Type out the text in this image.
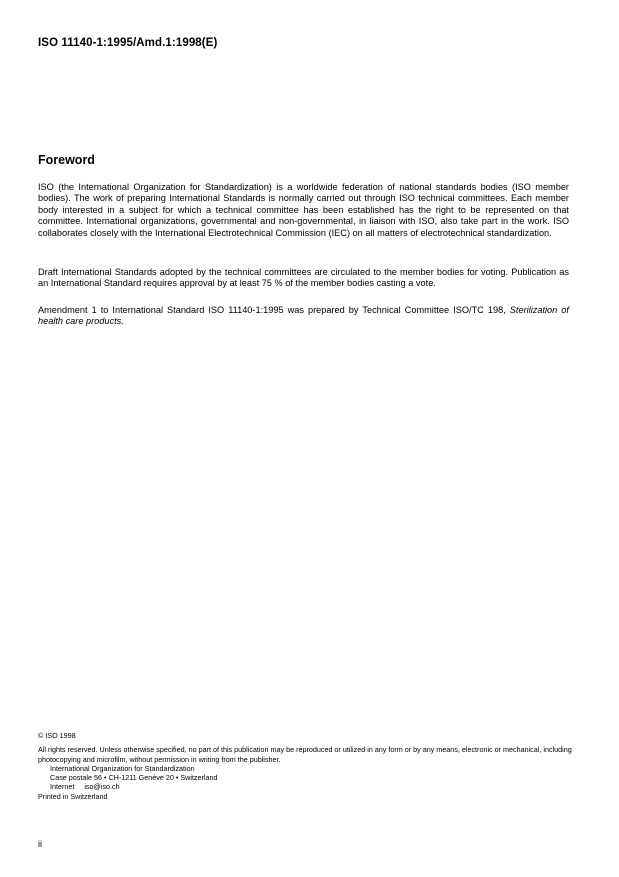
ISO 11140-1:1995/Amd.1:1998(E)
Foreword

ISO (the International Organization for Standardization) is a worldwide federation of national standards bodies (ISO member bodies). The work of preparing International Standards is normally carried out through ISO technical committees. Each member body interested in a subject for which a technical committee has been established has the right to be represented on that committee. International organizations, governmental and non-governmental, in liaison with ISO, also take part in the work. ISO collaborates closely with the International Electrotechnical Commission (IEC) on all matters of electrotechnical standardization.

Draft International Standards adopted by the technical committees are circulated to the member bodies for voting. Publication as an International Standard requires approval by at least 75 % of the member bodies casting a vote.

Amendment 1 to International Standard ISO 11140-1:1995 was prepared by Technical Committee ISO/TC 198, Sterilization of health care products.

© ISO 1998
All rights reserved. Unless otherwise specified, no part of this publication may be reproduced or utilized in any form or by any means, electronic or mechanical, including photocopying and microfilm, without permission in writing from the publisher.
International Organization for Standardization
Case postale 56 • CH-1211 Genève 20 • Switzerland
Internet     iso@iso.ch
Printed in Switzerland
ii
